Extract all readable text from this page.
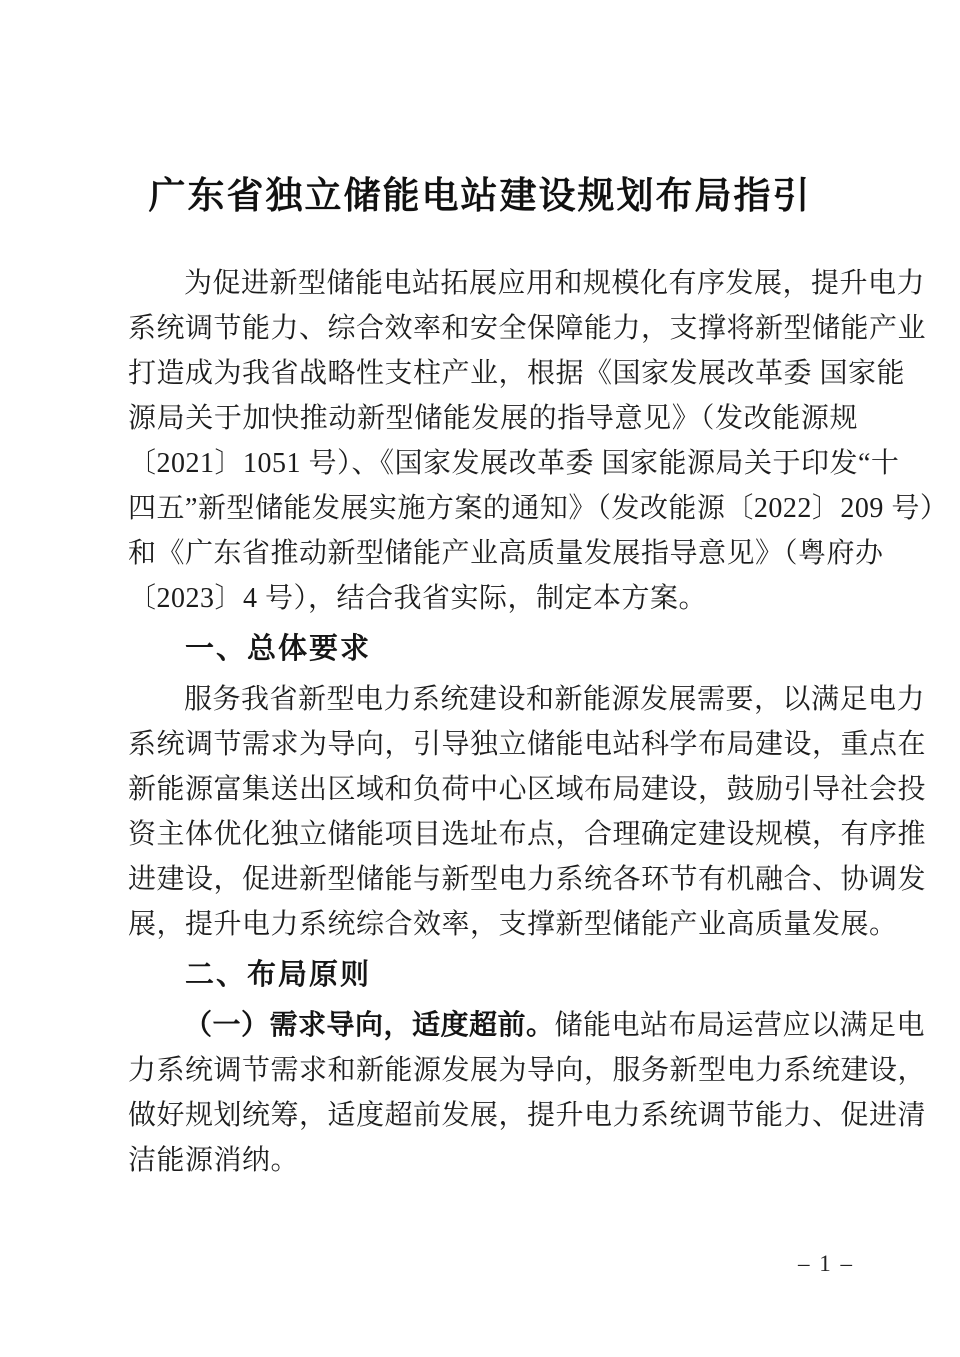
广东省独立储能电站建设规划布局指引

为促进新型储能电站拓展应用和规模化有序发展，提升电力

系统调节能力、综合效率和安全保障能力，支撑将新型储能产业

打造成为我省战略性支柱产业，根据《国家发展改革委 国家能

源局关于加快推动新型储能发展的指导意见》（发改能源规

〔2021〕1051 号）、《国家发展改革委 国家能源局关于印发“十

四五”新型储能发展实施方案的通知》（发改能源〔2022〕209 号）

和《广东省推动新型储能产业高质量发展指导意见》（粤府办

〔2023〕4 号），结合我省实际，制定本方案。

一、总体要求

服务我省新型电力系统建设和新能源发展需要，以满足电力

系统调节需求为导向，引导独立储能电站科学布局建设，重点在

新能源富集送出区域和负荷中心区域布局建设，鼓励引导社会投

资主体优化独立储能项目选址布点，合理确定建设规模，有序推

进建设，促进新型储能与新型电力系统各环节有机融合、协调发

展，提升电力系统综合效率，支撑新型储能产业高质量发展。

二、布局原则

（一）需求导向，适度超前。储能电站布局运营应以满足电

力系统调节需求和新能源发展为导向，服务新型电力系统建设，

做好规划统筹，适度超前发展，提升电力系统调节能力、促进清

洁能源消纳。

– 1 –
